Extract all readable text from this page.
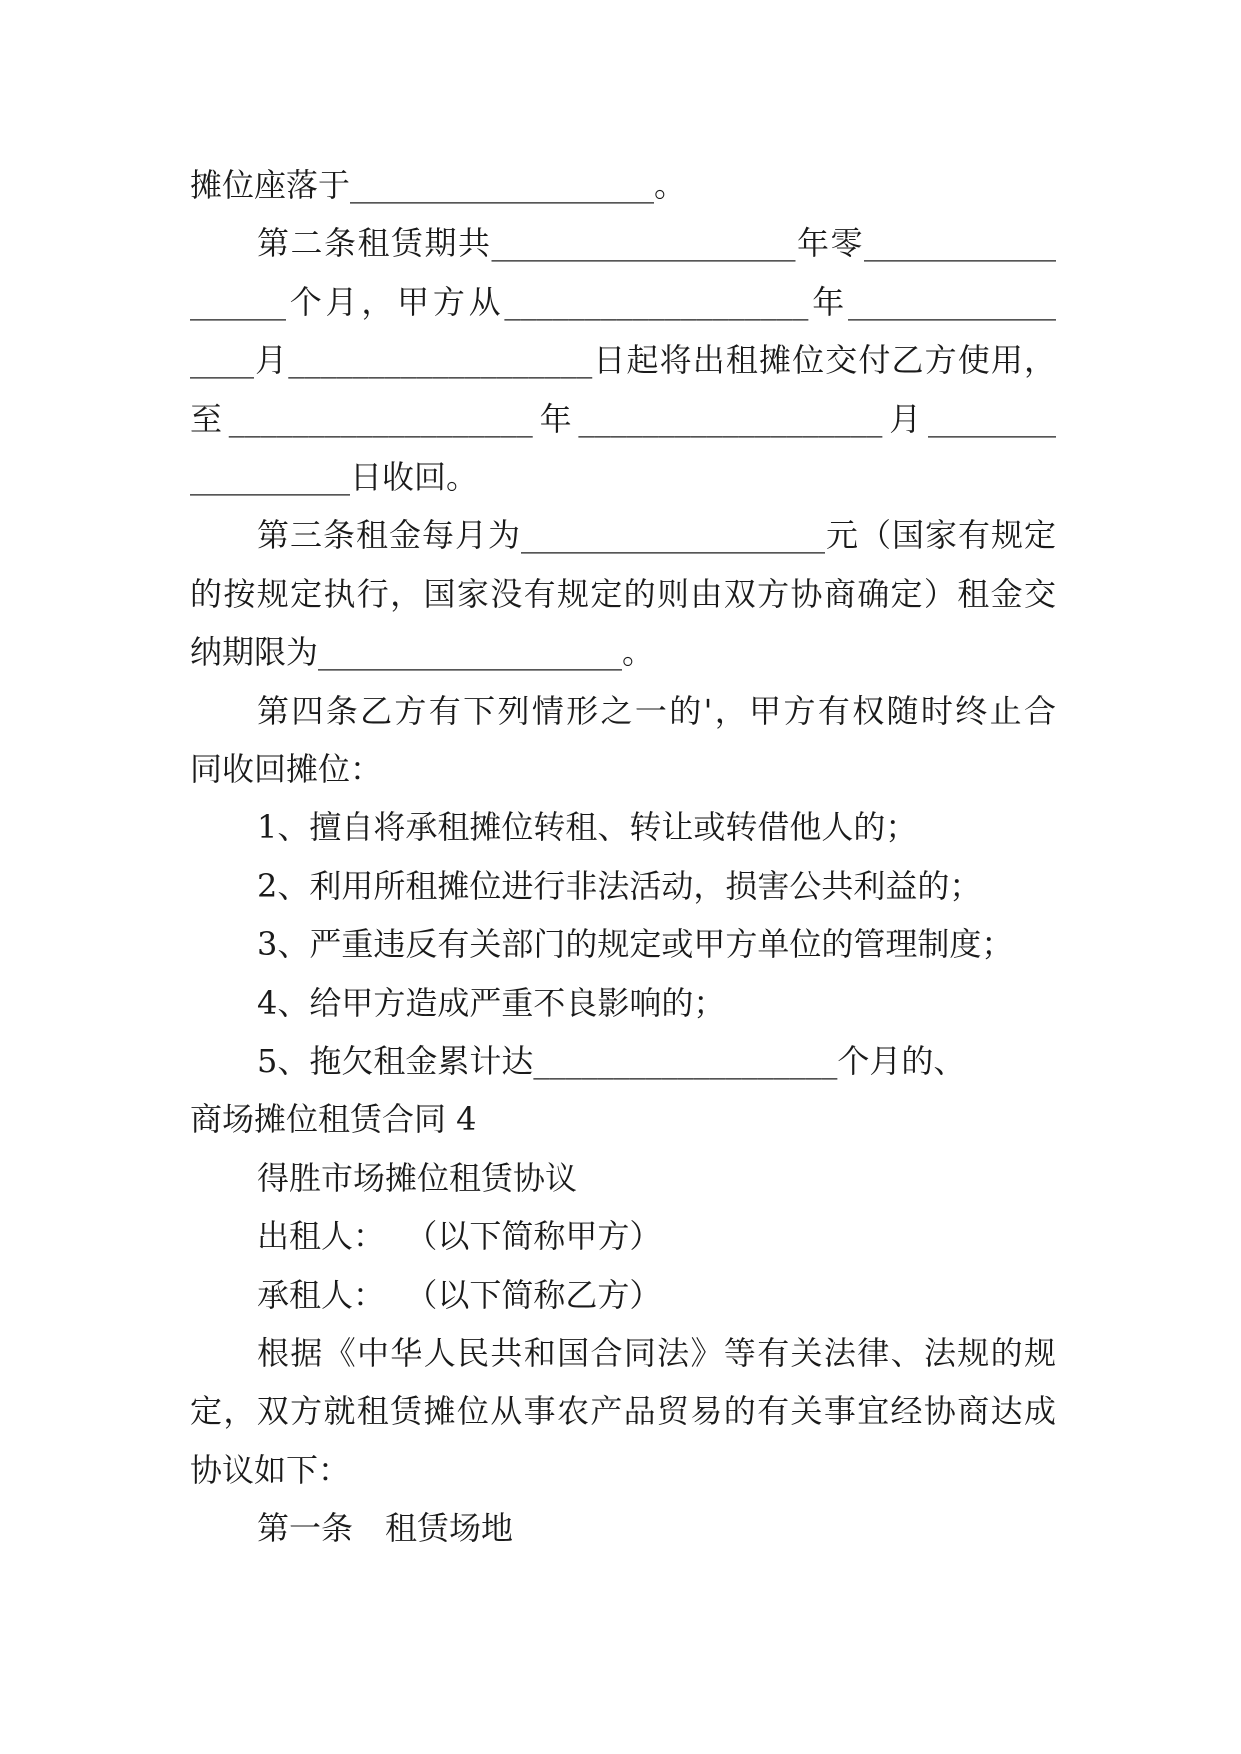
摊位座落于___________________。
第二条租赁期共___________________年零____________
______个月，甲方从___________________年_____________
____月___________________日起将出租摊位交付乙方使用，
至___________________年___________________月________
__________日收回。
第三条租金每月为___________________元（国家有规定
的按规定执行，国家没有规定的则由双方协商确定）租金交
纳期限为___________________。
第四条乙方有下列情形之一的'，甲方有权随时终止合
同收回摊位：
1、擅自将承租摊位转租、转让或转借他人的；
2、利用所租摊位进行非法活动，损害公共利益的；
3、严重违反有关部门的规定或甲方单位的管理制度；
4、给甲方造成严重不良影响的；
5、拖欠租金累计达___________________个月的、
商场摊位租赁合同 4
得胜市场摊位租赁协议
出租人：  （以下简称甲方）
承租人：  （以下简称乙方）
根据《中华人民共和国合同法》等有关法律、法规的规
定，双方就租赁摊位从事农产品贸易的有关事宜经协商达成
协议如下：
第一条　租赁场地
